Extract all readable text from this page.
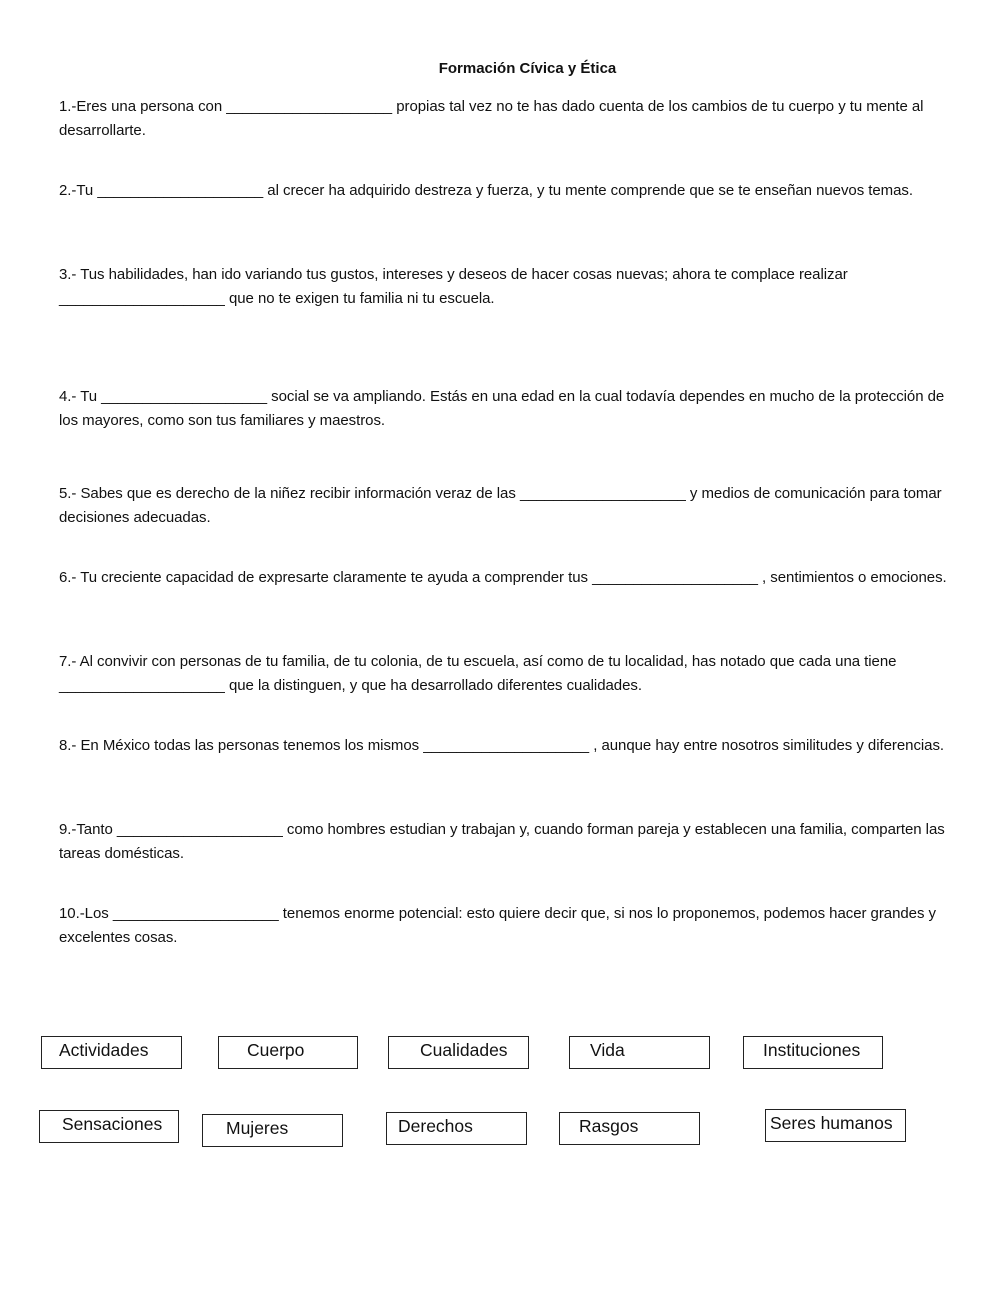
Formación Cívica y Ética
1.-Eres una persona con ____________________ propias tal vez no te has dado cuenta de los cambios de tu cuerpo y tu mente al desarrollarte.
2.-Tu ____________________ al crecer ha adquirido destreza y fuerza, y tu mente comprende que se te enseñan nuevos temas.
3.- Tus habilidades, han ido variando tus gustos, intereses y deseos de hacer cosas nuevas; ahora te complace realizar ____________________ que no te exigen tu familia ni tu escuela.
4.- Tu ____________________ social se va ampliando. Estás en una edad en la cual todavía dependes en mucho de la protección de los mayores, como son tus familiares y maestros.
5.- Sabes que es derecho de la niñez recibir información veraz de las ____________________ y medios de comunicación para tomar decisiones adecuadas.
6.- Tu creciente capacidad de expresarte claramente te ayuda a comprender tus ____________________ , sentimientos o emociones.
7.- Al convivir con personas de tu familia, de tu colonia, de tu escuela, así como de tu localidad, has notado que cada una tiene ____________________ que la distinguen, y que ha desarrollado diferentes cualidades.
8.- En México todas las personas tenemos los mismos ____________________ , aunque hay entre nosotros similitudes y diferencias.
9.-Tanto ____________________ como hombres estudian y trabajan y, cuando forman pareja y establecen una familia, comparten las tareas domésticas.
10.-Los ____________________ tenemos enorme potencial: esto quiere decir que, si nos lo proponemos, podemos hacer grandes y excelentes cosas.
Actividades	Cuerpo	Cualidades	Vida	Instituciones
Sensaciones	Mujeres	Derechos	Rasgos	Seres humanos
